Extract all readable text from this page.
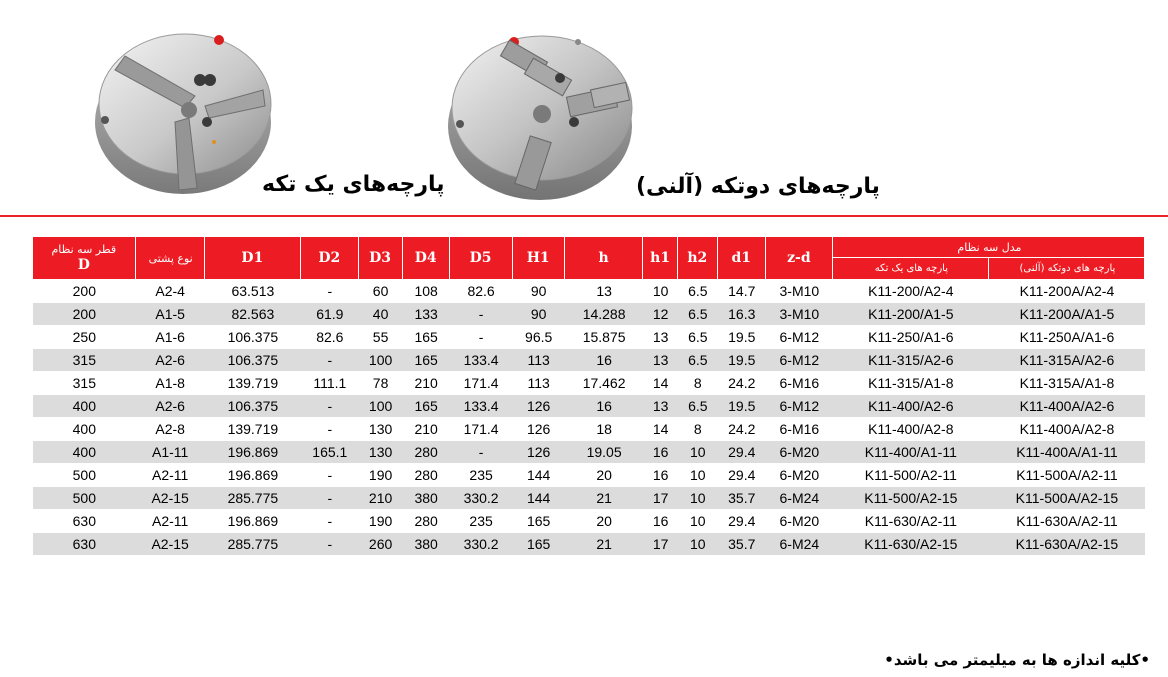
پارچه‌های یک تکه	پارچه‌های دوتکه (آلنی)
قطر سه نظام
D	نوع پشتی	D1	D2	D3	D4	D5	H1	h	h1	h2	d1	z-d	مدل سه نظام	
													پارچه های یک تکه	پارچه های دوتکه (آلنی)
200	A2-4	63.513	-	60	108	82.6	90	13	10	6.5	14.7	3-M10	K11-200/A2-4	K11-200A/A2-4
200	A1-5	82.563	61.9	40	133	-	90	14.288	12	6.5	16.3	3-M10	K11-200/A1-5	K11-200A/A1-5
250	A1-6	106.375	82.6	55	165	-	96.5	15.875	13	6.5	19.5	6-M12	K11-250/A1-6	K11-250A/A1-6
315	A2-6	106.375	-	100	165	133.4	113	16	13	6.5	19.5	6-M12	K11-315/A2-6	K11-315A/A2-6
315	A1-8	139.719	111.1	78	210	171.4	113	17.462	14	8	24.2	6-M16	K11-315/A1-8	K11-315A/A1-8
400	A2-6	106.375	-	100	165	133.4	126	16	13	6.5	19.5	6-M12	K11-400/A2-6	K11-400A/A2-6
400	A2-8	139.719	-	130	210	171.4	126	18	14	8	24.2	6-M16	K11-400/A2-8	K11-400A/A2-8
400	A1-11	196.869	165.1	130	280	-	126	19.05	16	10	29.4	6-M20	K11-400/A1-11	K11-400A/A1-11
500	A2-11	196.869	-	190	280	235	144	20	16	10	29.4	6-M20	K11-500/A2-11	K11-500A/A2-11
500	A2-15	285.775	-	210	380	330.2	144	21	17	10	35.7	6-M24	K11-500/A2-15	K11-500A/A2-15
630	A2-11	196.869	-	190	280	235	165	20	16	10	29.4	6-M20	K11-630/A2-11	K11-630A/A2-11
630	A2-15	285.775	-	260	380	330.2	165	21	17	10	35.7	6-M24	K11-630/A2-15	K11-630A/A2-15
•کلیه اندازه ها به میلیمتر می باشد•
